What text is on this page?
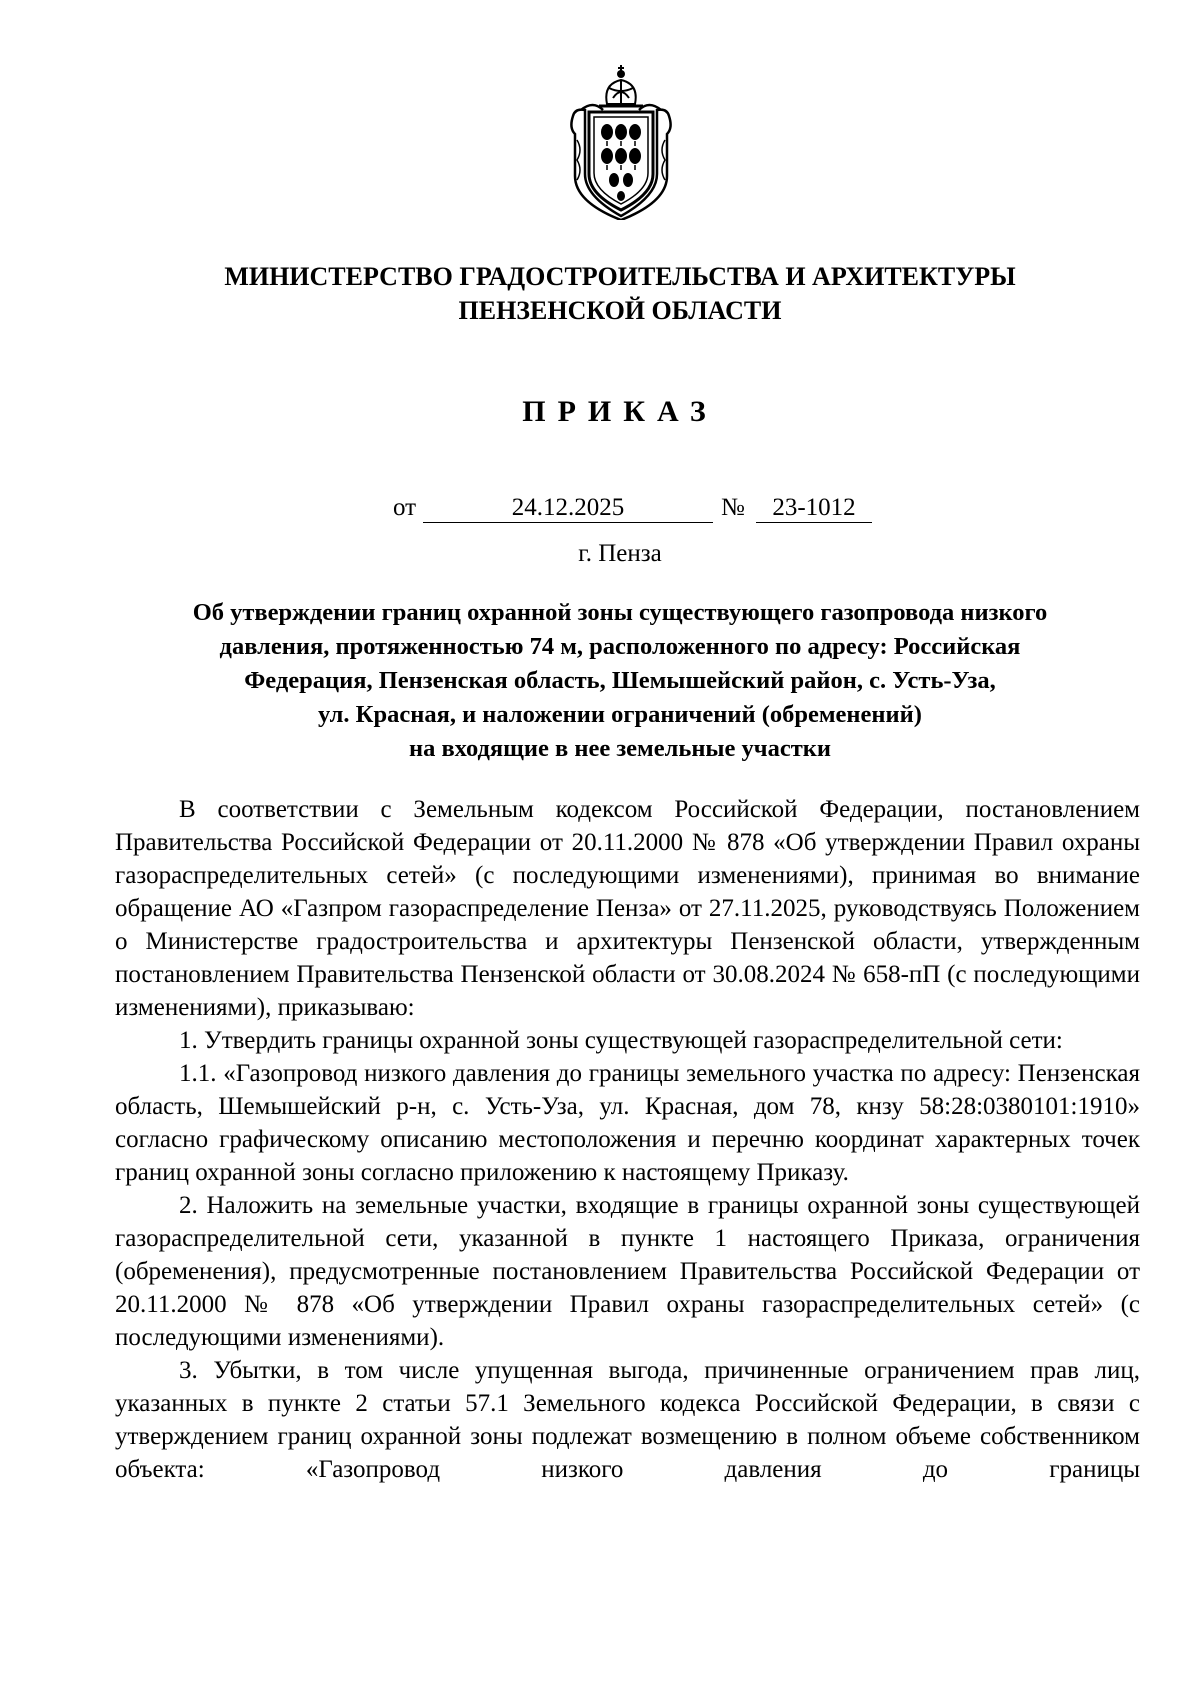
МИНИСТЕРСТВО ГРАДОСТРОИТЕЛЬСТВА И АРХИТЕКТУРЫ
ПЕНЗЕНСКОЙ ОБЛАСТИ
ПРИКАЗ
от	24.12.2025	№	23-1012
г. Пенза
Об утверждении границ охранной зоны существующего газопровода низкого
давления, протяженностью 74 м, расположенного по адресу: Российская
Федерация, Пензенская область, Шемышейский район, с. Усть-Уза,
ул. Красная, и наложении ограничений (обременений)
на входящие в нее земельные участки

В соответствии с Земельным кодексом Российской Федерации, постановлением Правительства Российской Федерации от 20.11.2000 № 878 «Об утверждении Правил охраны газораспределительных сетей» (с последующими изменениями), принимая во внимание обращение АО «Газпром газораспределение Пенза» от 27.11.2025, руководствуясь Положением о Министерстве градостроительства и архитектуры Пензенской области, утвержденным постановлением Правительства Пензенской области от 30.08.2024 № 658-пП (с последующими изменениями), приказываю:

1. Утвердить границы охранной зоны существующей газораспределительной сети:

1.1. «Газопровод низкого давления до границы земельного участка по адресу: Пензенская область, Шемышейский р-н, с. Усть-Уза, ул. Красная, дом 78, кнзу 58:28:0380101:1910» согласно графическому описанию местоположения и перечню координат характерных точек границ охранной зоны согласно приложению к настоящему Приказу.

2. Наложить на земельные участки, входящие в границы охранной зоны существующей газораспределительной сети, указанной в пункте 1 настоящего Приказа, ограничения (обременения), предусмотренные постановлением Правительства Российской Федерации от 20.11.2000 № 878 «Об утверждении Правил охраны газораспределительных сетей» (с последующими изменениями).

3. Убытки, в том числе упущенная выгода, причиненные ограничением прав лиц, указанных в пункте 2 статьи 57.1 Земельного кодекса Российской Федерации, в связи с утверждением границ охранной зоны подлежат возмещению в полном объеме собственником объекта: «Газопровод низкого давления до границы
